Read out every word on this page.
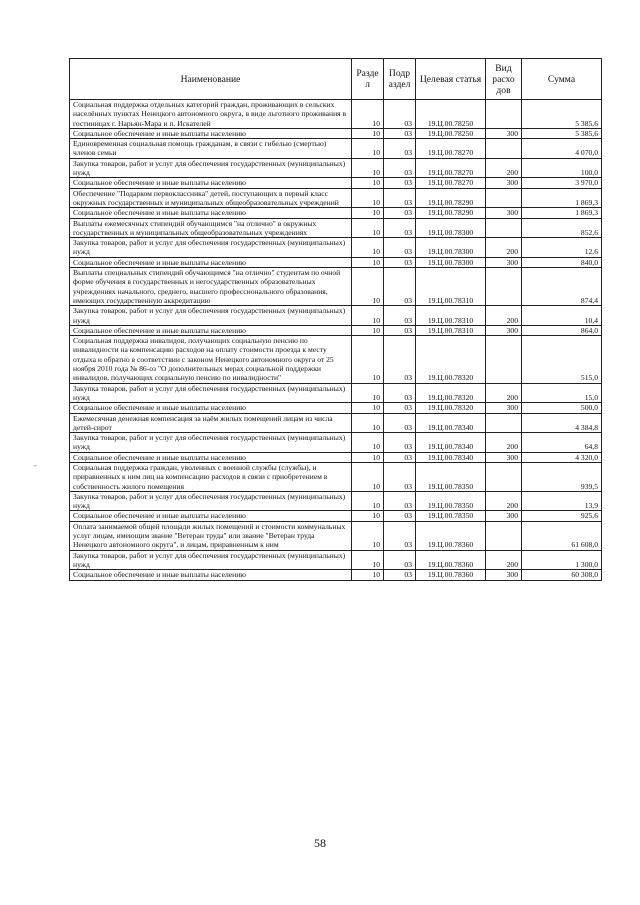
Наименование	Разде л	Подр аздел	Целевая статья	Вид расхо дов	Сумма
Социальная поддержка отдельных категорий граждан, проживающих в сельских населённых пунктах Ненецкого автономного округа, в виде льготного проживания в гостиницах г. Нарьян-Мара и п. Искателей	10	03	19.Ц.00.78250		5 385,6
Социальное обеспечение и иные выплаты населению	10	03	19.Ц.00.78250	300	5 385,6
Единовременная социальная помощь гражданам, в связи с гибелью (смертью) членов семьи	10	03	19.Ц.00.78270		4 070,0
Закупка товаров, работ и услуг для обеспечения государственных (муниципальных) нужд	10	03	19.Ц.00.78270	200	100,0
Социальное обеспечение и иные выплаты населению	10	03	19.Ц.00.78270	300	3 970,0
Обеспечение "Подарком первоклассника" детей, поступающих в первый класс окружных государственных и муниципальных общеобразовательных учреждений	10	03	19.Ц.00.78290		1 869,3
Социальное обеспечение и иные выплаты населению	10	03	19.Ц.00.78290	300	1 869,3
Выплаты ежемесячных стипендий обучающимся "на отлично" в окружных государственных и муниципальных общеобразовательных учреждениях	10	03	19.Ц.00.78300		852,6
Закупка товаров, работ и услуг для обеспечения государственных (муниципальных) нужд	10	03	19.Ц.00.78300	200	12,6
Социальное обеспечение и иные выплаты населению	10	03	19.Ц.00.78300	300	840,0
Выплаты специальных стипендий обучающимся "на отлично" студентам по очной форме обучения в государственных и негосударственных образовательных учреждениях начального, среднего, высшего профессионального образования, имеющих государственную аккредитацию	10	03	19.Ц.00.78310		874,4
Закупка товаров, работ и услуг для обеспечения государственных (муниципальных) нужд	10	03	19.Ц.00.78310	200	10,4
Социальное обеспечение и иные выплаты населению	10	03	19.Ц.00.78310	300	864,0
Социальная поддержка инвалидов, получающих социальную пенсию по инвалидности на компенсацию расходов на оплату стоимости проезда к месту отдыха и обратно в соответствии с законом Ненецкого автономного округа от 25 ноября 2010 года № 86-оз "О дополнительных мерах социальной поддержки инвалидов, получающих социальную пенсию по инвалидности"	10	03	19.Ц.00.78320		515,0
Закупка товаров, работ и услуг для обеспечения государственных (муниципальных) нужд	10	03	19.Ц.00.78320	200	15,0
Социальное обеспечение и иные выплаты населению	10	03	19.Ц.00.78320	300	500,0
Ежемесячная денежная компенсация за наём жилых помещений лицам из числа детей-сирот	10	03	19.Ц.00.78340		4 384,8
Закупка товаров, работ и услуг для обеспечения государственных (муниципальных) нужд	10	03	19.Ц.00.78340	200	64,8
Социальное обеспечение и иные выплаты населению	10	03	19.Ц.00.78340	300	4 320,0
Социальная поддержка граждан, уволенных с военной службы (службы), и приравненных к ним лиц на компенсацию расходов в связи с приобретением в собственность жилого помещения	10	03	19.Ц.00.78350		939,5
Закупка товаров, работ и услуг для обеспечения государственных (муниципальных) нужд	10	03	19.Ц.00.78350	200	13,9
Социальное обеспечение и иные выплаты населению	10	03	19.Ц.00.78350	300	925,6
Оплата занимаемой общей площади жилых помещений и стоимости коммунальных услуг лицам, имеющим звание "Ветеран труда" или звание "Ветеран труда Ненецкого автономного округа", и лицам, приравненным к ним	10	03	19.Ц.00.78360		61 608,0
Закупка товаров, работ и услуг для обеспечения государственных (муниципальных) нужд	10	03	19.Ц.00.78360	200	1 300,0
Социальное обеспечение и иные выплаты населению	10	03	19.Ц.00.78360	300	60 308,0
-
58
